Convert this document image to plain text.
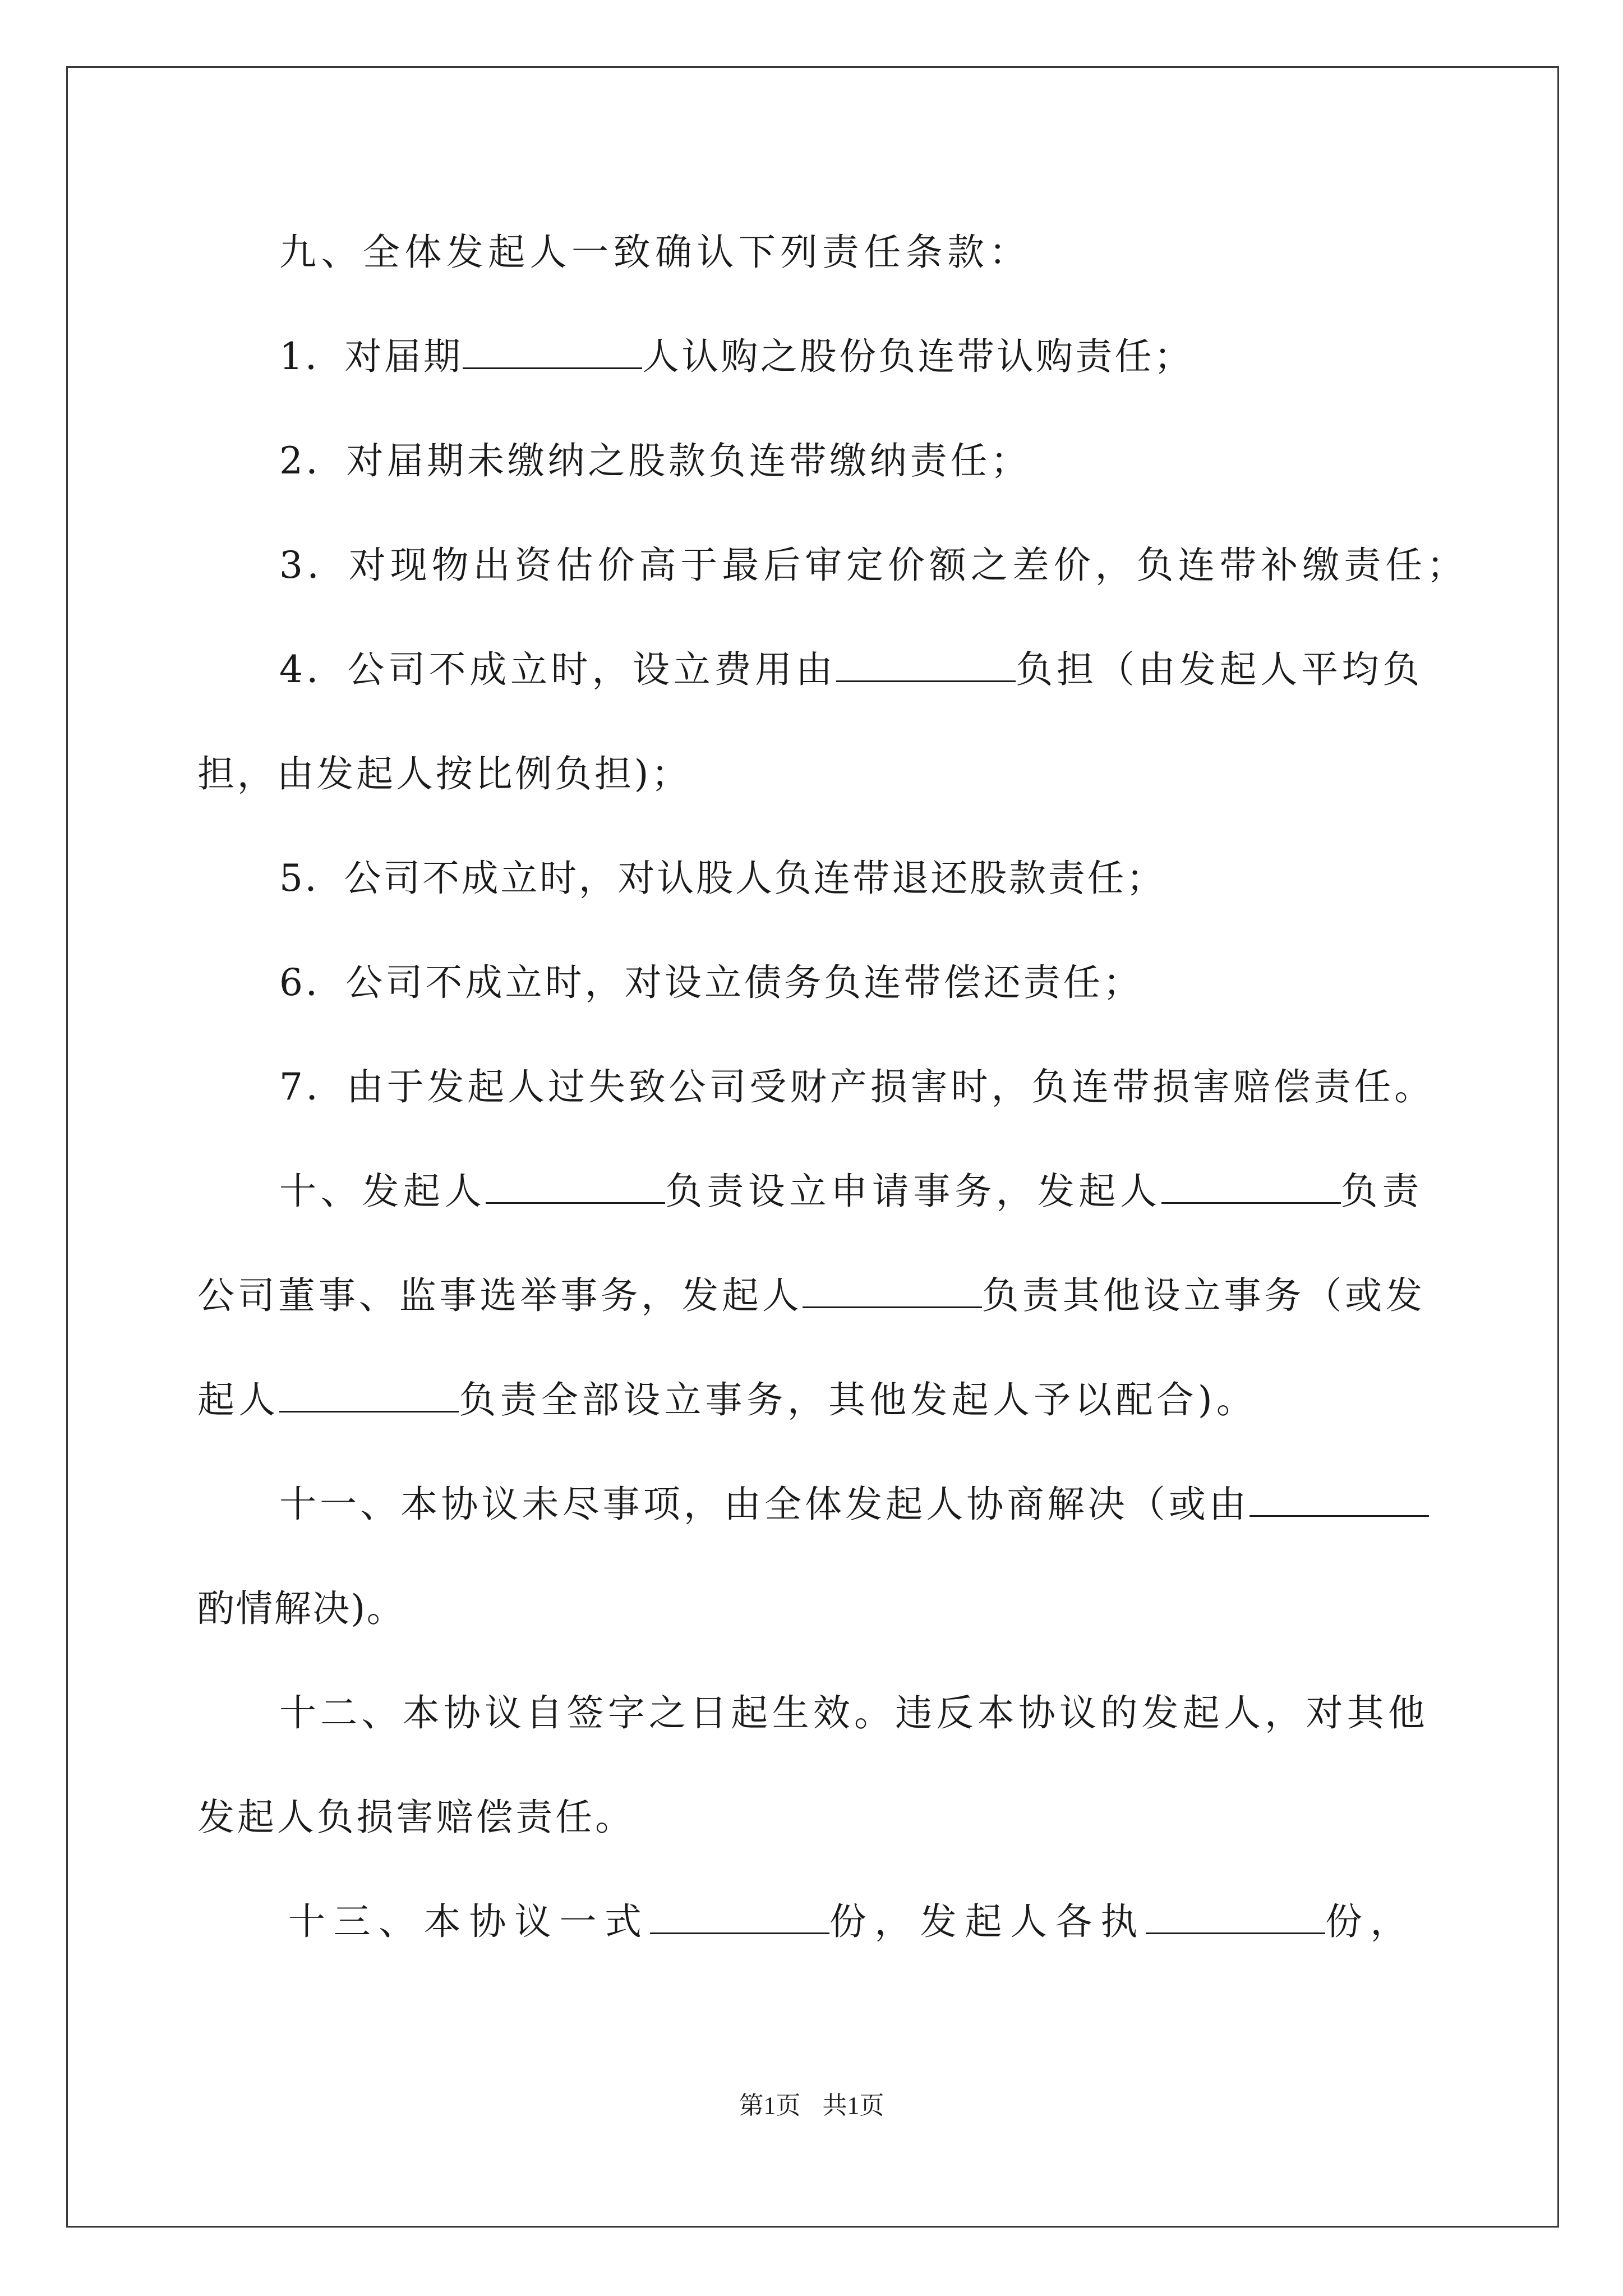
九、全体发起人一致确认下列责任条款：
1．对届期	人认购之股份负连带认购责任；
2．对届期未缴纳之股款负连带缴纳责任；
3．对现物出资估价高于最后审定价额之差价，负连带补缴责任；
4．公司不成立时，设立费用由	负担（由发起人平均负
担，由发起人按比例负担)；
5．公司不成立时，对认股人负连带退还股款责任；
6．公司不成立时，对设立债务负连带偿还责任；
7．由于发起人过失致公司受财产损害时，负连带损害赔偿责任。
十、发起人	负责设立申请事务，发起人	负责
公司董事、监事选举事务，发起人	负责其他设立事务（或发
起人	负责全部设立事务，其他发起人予以配合)。
十一、本协议未尽事项，由全体发起人协商解决（或由
酌情解决)。
十二、本协议自签字之日起生效。违反本协议的发起人，对其他
发起人负损害赔偿责任。
十三、本协议一式	份，发起人各执	份，
第1页 共1页
